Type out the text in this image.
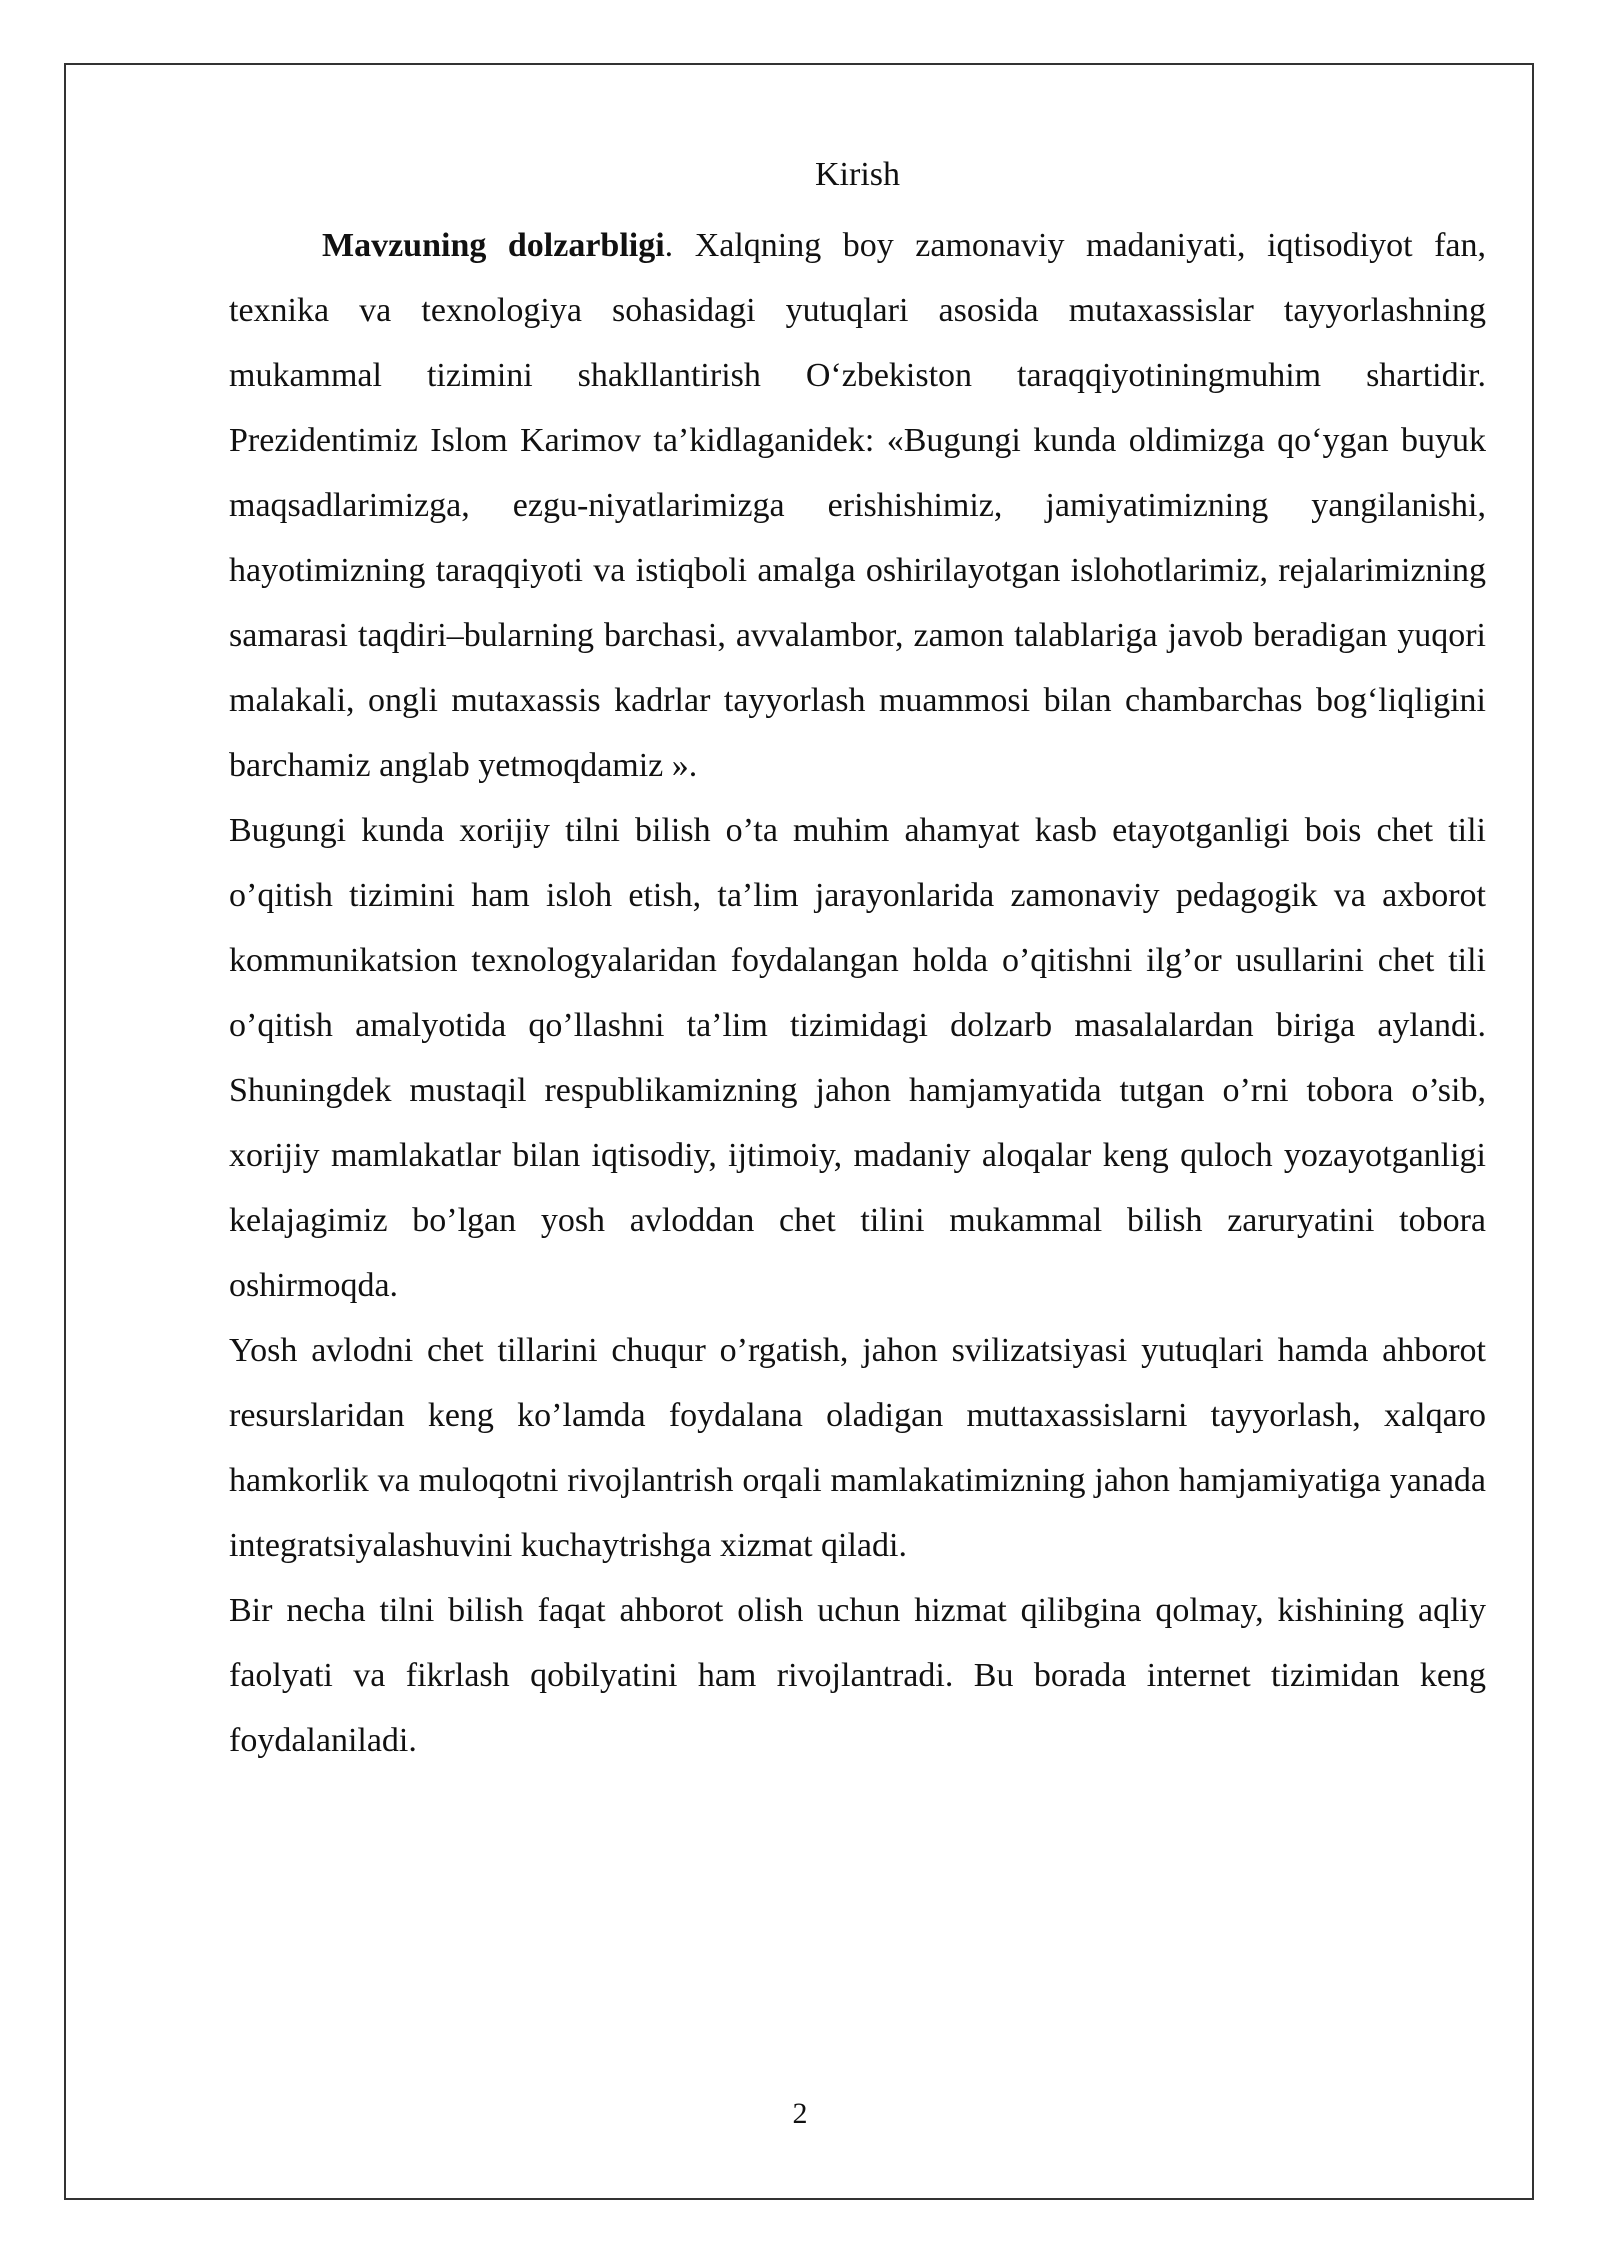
Kirish

Mavzuning dolzarbligi. Xalqning boy zamonaviy madaniyati, iqtisodiyot fan, texnika va texnologiya sohasidagi yutuqlari asosida mutaxassislar tayyorlashning mukammal tizimini shakllantirish O‘zbekiston taraqqiyotiningmuhim shartidir. Prezidentimiz Islom Karimov ta’kidlaganidek: «Bugungi kunda oldimizga qo‘ygan buyuk maqsadlarimizga, ezgu-niyatlarimizga erishishimiz, jamiyatimizning yangilanishi, hayotimizning taraqqiyoti va istiqboli amalga oshirilayotgan islohotlarimiz, rejalarimizning samarasi taqdiri–bularning barchasi, avvalambor, zamon talablariga javob beradigan yuqori malakali, ongli mutaxassis kadrlar tayyorlash muammosi bilan chambarchas bog‘liqligini barchamiz anglab yetmoqdamiz ».

Bugungi kunda xorijiy tilni bilish o’ta muhim ahamyat kasb etayotganligi bois chet tili o’qitish tizimini ham isloh etish, ta’lim jarayonlarida zamonaviy pedagogik va axborot kommunikatsion texnologyalaridan foydalangan holda o’qitishni ilg’or usullarini chet tili o’qitish amalyotida qo’llashni ta’lim tizimidagi dolzarb masalalardan biriga aylandi. Shuningdek mustaqil respublikamizning jahon hamjamyatida tutgan o’rni tobora o’sib, xorijiy mamlakatlar bilan iqtisodiy, ijtimoiy, madaniy aloqalar keng quloch yozayotganligi kelajagimiz bo’lgan yosh avloddan chet tilini mukammal bilish zaruryatini tobora oshirmoqda.

Yosh avlodni chet tillarini chuqur o’rgatish, jahon svilizatsiyasi yutuqlari hamda ahborot resurslaridan keng ko’lamda foydalana oladigan muttaxassislarni tayyorlash, xalqaro hamkorlik va muloqotni rivojlantrish orqali mamlakatimizning jahon hamjamiyatiga yanada integratsiyalashuvini kuchaytrishga xizmat qiladi.

Bir necha tilni bilish faqat ahborot olish uchun hizmat qilibgina qolmay, kishining aqliy faolyati va fikrlash qobilyatini ham rivojlantradi. Bu borada internet tizimidan keng foydalaniladi.

2
